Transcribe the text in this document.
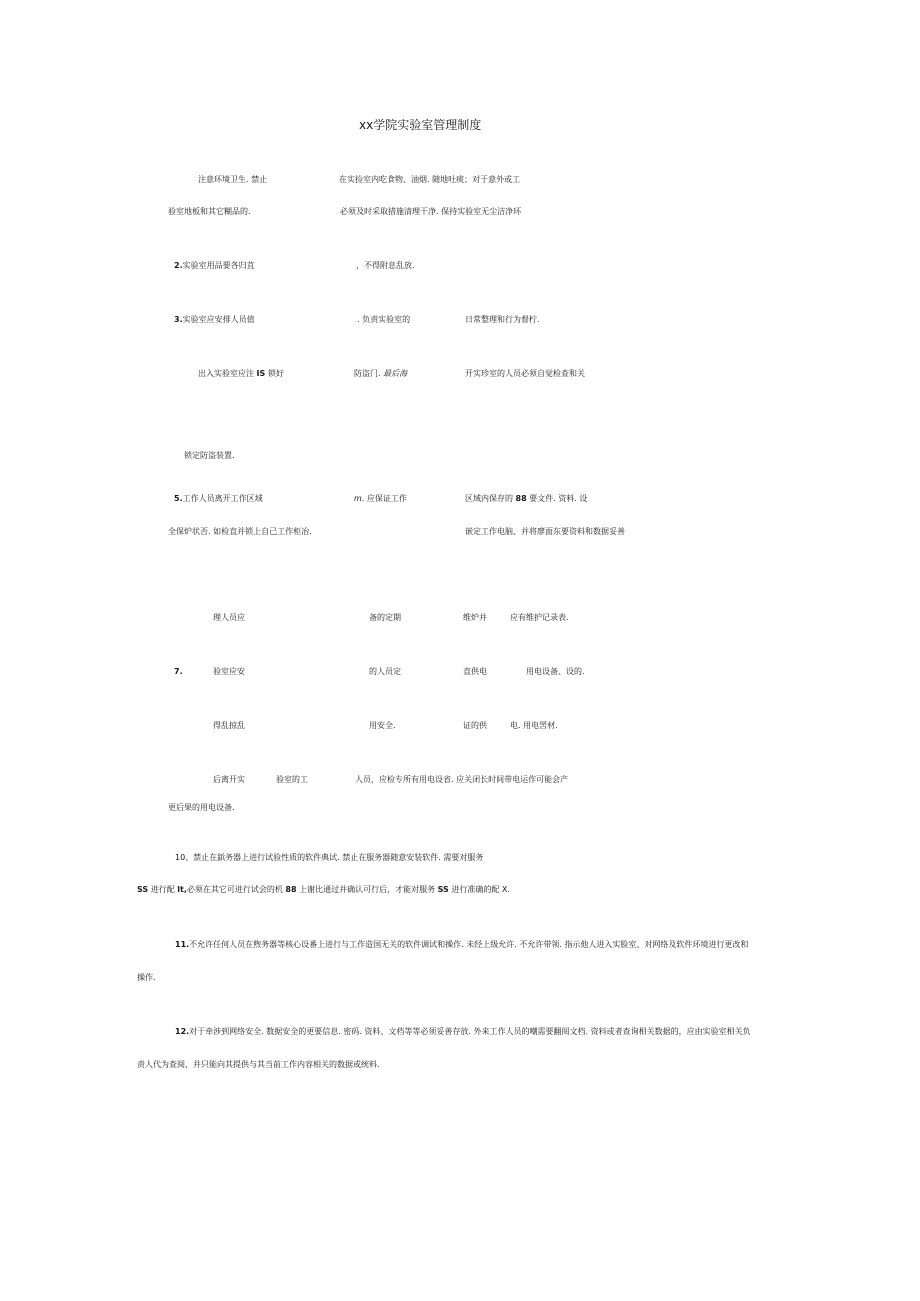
xx学院实验室管理制度
注意环境卫生. 禁止	在实捡室内吃食物、油烟. 随地吐痰；对于意外或工
验室地板和其它糊品的.	必须及时采取措施清理干净. 保持实验室无尘洁净环
2.实验室用品要各归苴	，不得附息乱放.
3.实验室应安排人员值	. 负责实验室的	日常整理和行为督柠.
出入实验室应注 IS 锁好	防盗门. 最后海	开实珍室的人员必须自觉检查和关
锁定防盗装置.
5.工作人员离开工作区域	m. 应保证工作	区域内保存的 88 要文件. 资料. 设
全保炉状否. 如检直并锁上自己工作柜冶.	嵌定工作电脑、并将廖面东要资料和数据妥善
理人员应	备的定期	维炉并	应有维护记录表.
7.	验室应安	的人员定	直供电	用电设备、设的.
得乱掠乱	用安全.	证的供	电. 用电罟材.
后离开实	验室的工	人员，应检专所有用电设省. 应关闭长时间带电运作可能会产
更后果的用电设备.
10、禁止在鋲务器上进行试验性质的软件典试. 禁止在服务器随意安装软件. 需要对服务
SS 进行配 lt,必须在其它可进行试会的机 88 上谢比通过并确认可行后，才能对服务 SS 进行准确的配 X.
11.不允许任何人员在煦务器等核心设番上进行与工作造国无关的软件调试和操作. 未经上级允许. 不允许带领. 指示他人进入实脸室、对网络及软件环境进行更改和
操作.
12.对于牵涉到网络安全. 数据安全的更要信息. 密码. 资料、文档等等必须妥善存放. 外来工作人员的嘲需要翻阅文档. 资料或者查询相关数据的，应由实验室相关负
责人代为查阅，并只能向其提供与其当前工作内容相关的数据或统料.
